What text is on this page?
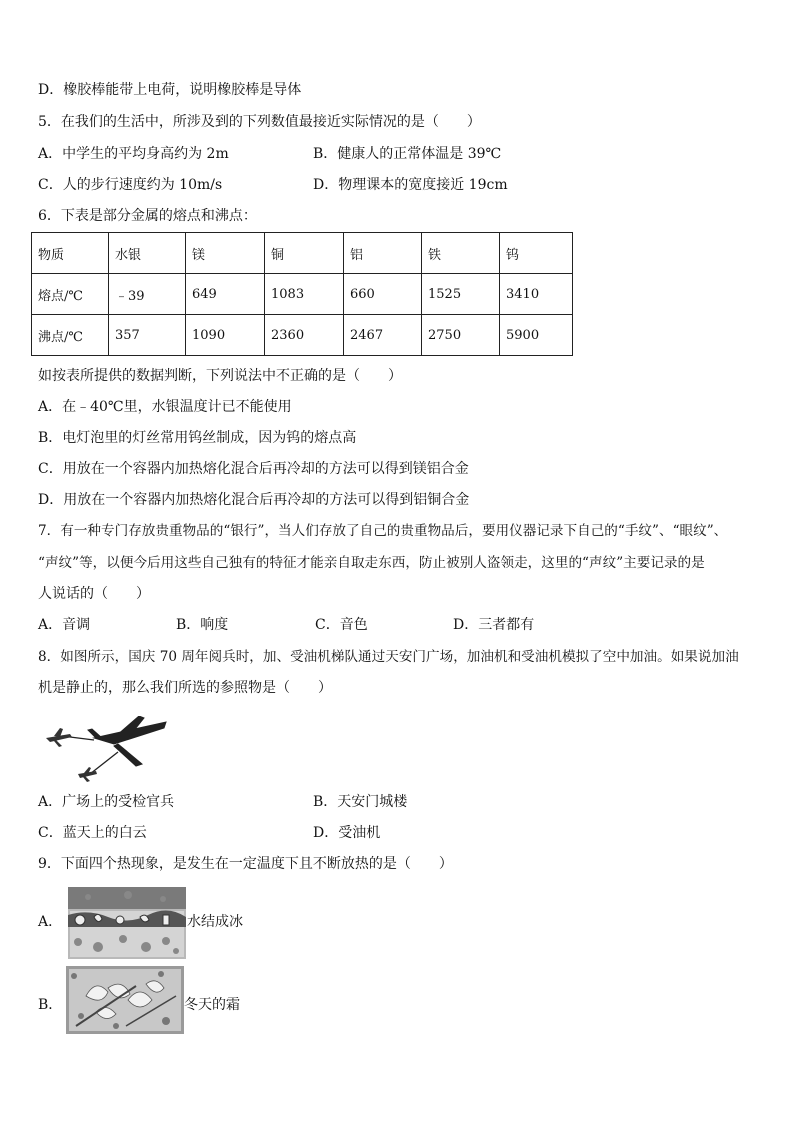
D．橡胶棒能带上电荷，说明橡胶棒是导体
5．在我们的生活中，所涉及到的下列数值最接近实际情况的是（　　）
A．中学生的平均身高约为 2m	B．健康人的正常体温是 39℃
C．人的步行速度约为 10m/s	D．物理课本的宽度接近 19cm
6．下表是部分金属的熔点和沸点：
物质	水银	镁	铜	铝	铁	钨
熔点/℃	﹣39	649	1083	660	1525	3410
沸点/℃	357	1090	2360	2467	2750	5900
如按表所提供的数据判断，下列说法中不正确的是（　　）
A．在﹣40℃里，水银温度计已不能使用
B．电灯泡里的灯丝常用钨丝制成，因为钨的熔点高
C．用放在一个容器内加热熔化混合后再冷却的方法可以得到镁铝合金
D．用放在一个容器内加热熔化混合后再冷却的方法可以得到铝铜合金
7．有一种专门存放贵重物品的“银行”，当人们存放了自己的贵重物品后，要用仪器记录下自己的“手纹”、“眼纹”、
“声纹”等，以便今后用这些自己独有的特征才能亲自取走东西，防止被别人盗领走，这里的“声纹”主要记录的是
人说话的（　　）
A．音调	B．响度	C．音色	D．三者都有
8．如图所示，国庆 70 周年阅兵时，加、受油机梯队通过天安门广场，加油机和受油机模拟了空中加油。如果说加油
机是静止的，那么我们所选的参照物是（　　）
A．广场上的受检官兵	B．天安门城楼
C．蓝天上的白云	D．受油机
9．下面四个热现象，是发生在一定温度下且不断放热的是（　　）
A．	水结成冰
B．	冬天的霜
